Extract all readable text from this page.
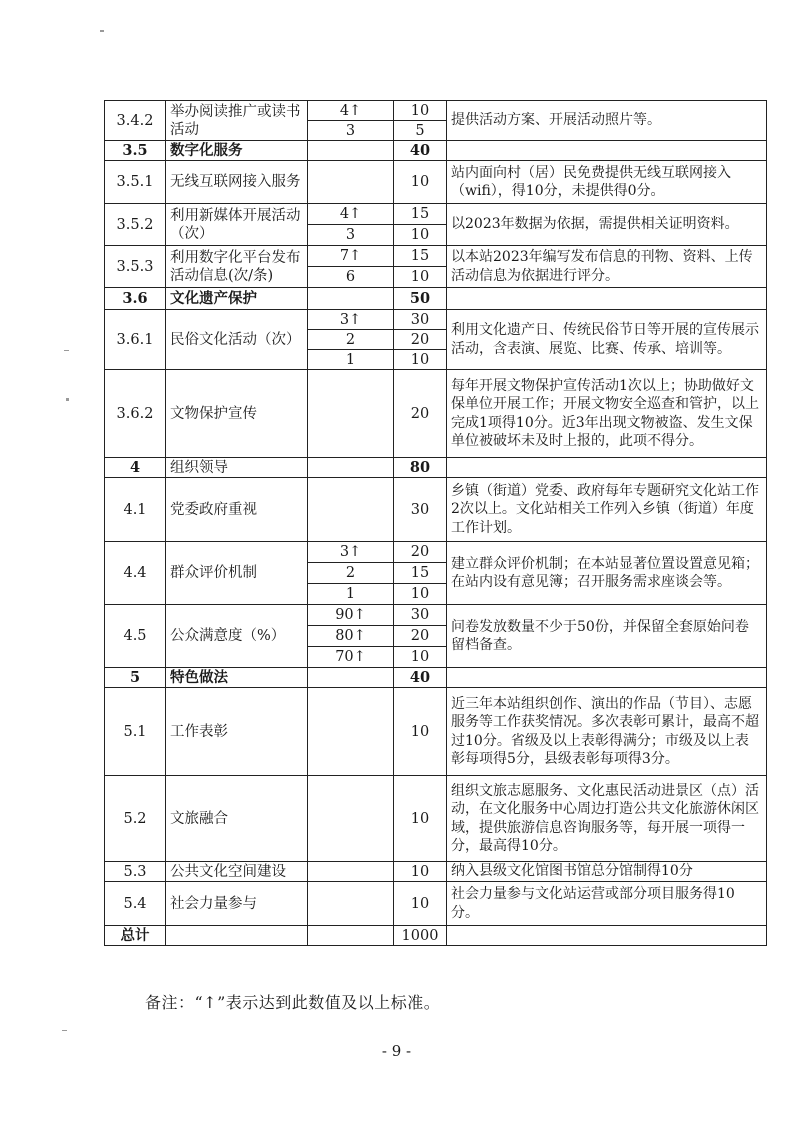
3.4.2	举办阅读推广或读书活动	4↑	10	提供活动方案、开展活动照片等。
		3	5	
3.5	数字化服务		40	
3.5.1	无线互联网接入服务		10	站内面向村（居）民免费提供无线互联网接入（wifi），得10分，未提供得0分。
3.5.2	利用新媒体开展活动（次）	4↑	15	以2023年数据为依据，需提供相关证明资料。
		3	10	
3.5.3	利用数字化平台发布活动信息(次/条)	7↑	15	以本站2023年编写发布信息的刊物、资料、上传活动信息为依据进行评分。
		6	10	
3.6	文化遗产保护		50	
3.6.1	民俗文化活动（次）	3↑	30	利用文化遗产日、传统民俗节日等开展的宣传展示活动，含表演、展览、比赛、传承、培训等。
		2	20	
		1	10	
3.6.2	文物保护宣传		20	每年开展文物保护宣传活动1次以上；协助做好文保单位开展工作；开展文物安全巡查和管护，以上完成1项得10分。近3年出现文物被盗、发生文保单位被破坏未及时上报的，此项不得分。
4	组织领导		80	
4.1	党委政府重视		30	乡镇（街道）党委、政府每年专题研究文化站工作2次以上。文化站相关工作列入乡镇（街道）年度工作计划。
4.4	群众评价机制	3↑	20	建立群众评价机制；在本站显著位置设置意见箱；在站内设有意见簿；召开服务需求座谈会等。
		2	15	
		1	10	
4.5	公众满意度（%）	90↑	30	问卷发放数量不少于50份，并保留全套原始问卷留档备查。
		80↑	20	
		70↑	10	
5	特色做法		40	
5.1	工作表彰		10	近三年本站组织创作、演出的作品（节目）、志愿服务等工作获奖情况。多次表彰可累计，最高不超过10分。省级及以上表彰得满分；市级及以上表彰每项得5分，县级表彰每项得3分。
5.2	文旅融合		10	组织文旅志愿服务、文化惠民活动进景区（点）活动，在文化服务中心周边打造公共文化旅游休闲区域，提供旅游信息咨询服务等，每开展一项得一分，最高得10分。
5.3	公共文化空间建设		10	纳入县级文化馆图书馆总分馆制得10分
5.4	社会力量参与		10	社会力量参与文化站运营或部分项目服务得10分。
总计			1000	
备注：“↑”表示达到此数值及以上标准。
- 9 -
